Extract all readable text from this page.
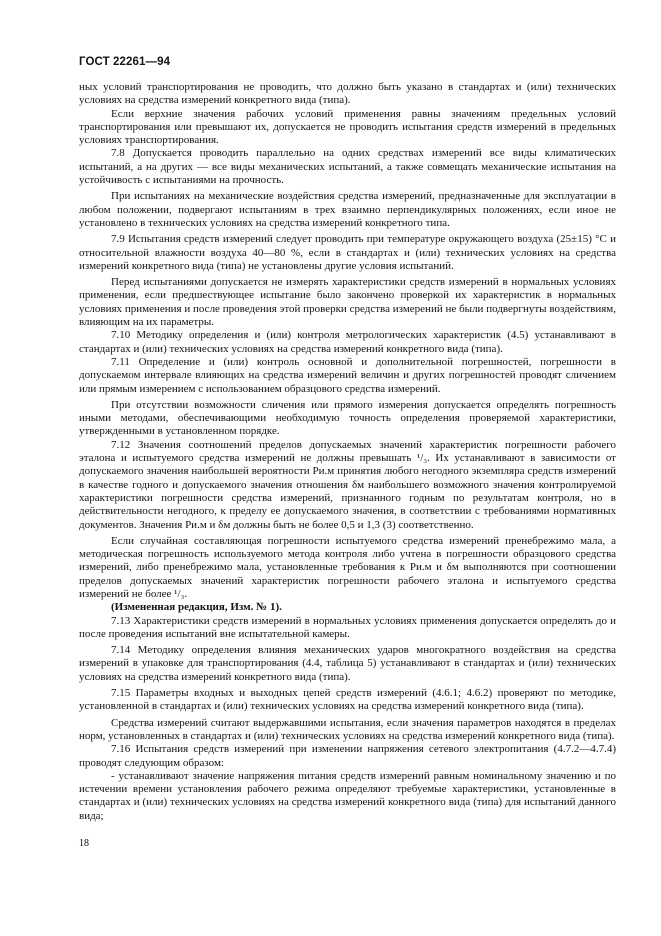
ГОСТ 22261—94

ных условий транспортирования не проводить, что должно быть указано в стандартах и (или) технических условиях на средства измерений конкретного вида (типа).

Если верхние значения рабочих условий применения равны значениям предельных условий транспортирования или превышают их, допускается не проводить испытания средств измерений в предельных условиях транспортирования.

7.8 Допускается проводить параллельно на одних средствах измерений все виды климатических испытаний, а на других — все виды механических испытаний, а также совмещать механические испытания на устойчивость с испытаниями на прочность.

При испытаниях на механические воздействия средства измерений, предназначенные для эксплуатации в любом положении, подвергают испытаниям в трех взаимно перпендикулярных положениях, если иное не установлено в технических условиях на средства измерений конкретного типа.

7.9 Испытания средств измерений следует проводить при температуре окружающего воздуха (25±15) °С и относительной влажности воздуха 40—80 %, если в стандартах и (или) технических условиях на средства измерений конкретного вида (типа) не установлены другие условия испытаний.

Перед испытаниями допускается не измерять характеристики средств измерений в нормальных условиях применения, если предшествующее испытание было закончено проверкой их характеристик в нормальных условиях применения и после проведения этой проверки средства измерений не были подвергнуты воздействиям, влияющим на их параметры.

7.10 Методику определения и (или) контроля метрологических характеристик (4.5) устанавливают в стандартах и (или) технических условиях на средства измерений конкретного вида (типа).

7.11 Определение и (или) контроль основной и дополнительной погрешностей, погрешности в допускаемом интервале влияющих на средства измерений величин и других погрешностей проводят сличением или прямым измерением с использованием образцового средства измерений.

При отсутствии возможности сличения или прямого измерения допускается определять погрешность иными методами, обеспечивающими необходимую точность определения проверяемой характеристики, утвержденными в установленном порядке.

7.12 Значения соотношений пределов допускаемых значений характеристик погрешности рабочего эталона и испытуемого средства измерений не должны превышать ¹/₃. Их устанавливают в зависимости от допускаемого значения наибольшей вероятности Pи.м принятия любого негодного экземпляра средств измерений в качестве годного и допускаемого значения отношения δм наибольшего возможного значения контролируемой характеристики погрешности средства измерений, признанного годным по результатам контроля, но в действительности негодного, к пределу ее допускаемого значения, в соответствии с требованиями нормативных документов. Значения Pи.м и δм должны быть не более 0,5 и 1,3 (3) соответственно.

Если случайная составляющая погрешности испытуемого средства измерений пренебрежимо мала, а методическая погрешность используемого метода контроля либо учтена в погрешности образцового средства измерений, либо пренебрежимо мала, установленные требования к Pи.м и δм выполняются при соотношении пределов допускаемых значений характеристик погрешности рабочего эталона и испытуемого средства измерений не более ¹/₃.

(Измененная редакция, Изм. № 1).

7.13 Характеристики средств измерений в нормальных условиях применения допускается определять до и после проведения испытаний вне испытательной камеры.

7.14 Методику определения влияния механических ударов многократного воздействия на средства измерений в упаковке для транспортирования (4.4, таблица 5) устанавливают в стандартах и (или) технических условиях на средства измерений конкретного вида (типа).

7.15 Параметры входных и выходных цепей средств измерений (4.6.1; 4.6.2) проверяют по методике, установленной в стандартах и (или) технических условиях на средства измерений конкретного вида (типа).

Средства измерений считают выдержавшими испытания, если значения параметров находятся в пределах норм, установленных в стандартах и (или) технических условиях на средства измерений конкретного вида (типа).

7.16 Испытания средств измерений при изменении напряжения сетевого электропитания (4.7.2—4.7.4) проводят следующим образом:

- устанавливают значение напряжения питания средств измерений равным номинальному значению и по истечении времени установления рабочего режима определяют требуемые характеристики, установленные в стандартах и (или) технических условиях на средства измерений конкретного вида (типа) для испытаний данного вида;

18
